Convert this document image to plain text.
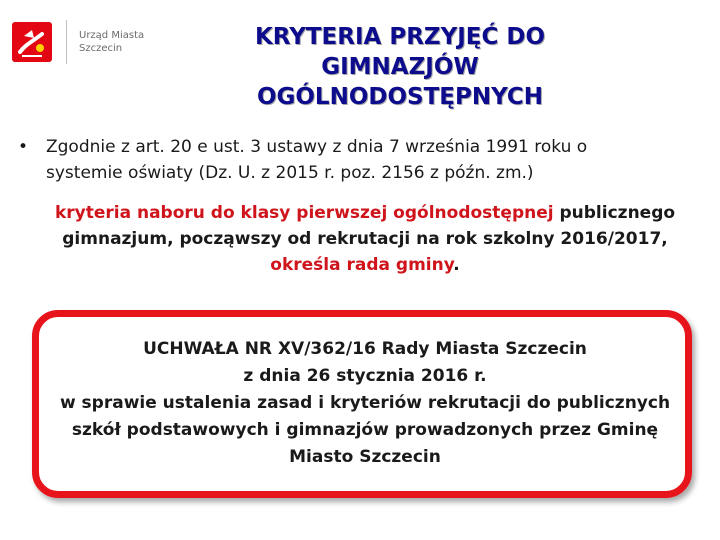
Urząd Miasta
Szczecin	KRYTERIA PRZYJĘĆ DO
GIMNAZJÓW
OGÓLNODOSTĘPNYCH
• Zgodnie z art. 20 e ust. 3 ustawy z dnia 7 września 1991 roku o
systemie oświaty (Dz. U. z 2015 r. poz. 2156 z późn. zm.)
kryteria naboru do klasy pierwszej ogólnodostępnej publicznego
gimnazjum, począwszy od rekrutacji na rok szkolny 2016/2017,
określa rada gminy.
UCHWAŁA NR XV/362/16 Rady Miasta Szczecin
z dnia 26 stycznia 2016 r.
w sprawie ustalenia zasad i kryteriów rekrutacji do publicznych
szkół podstawowych i gimnazjów prowadzonych przez Gminę
Miasto Szczecin
